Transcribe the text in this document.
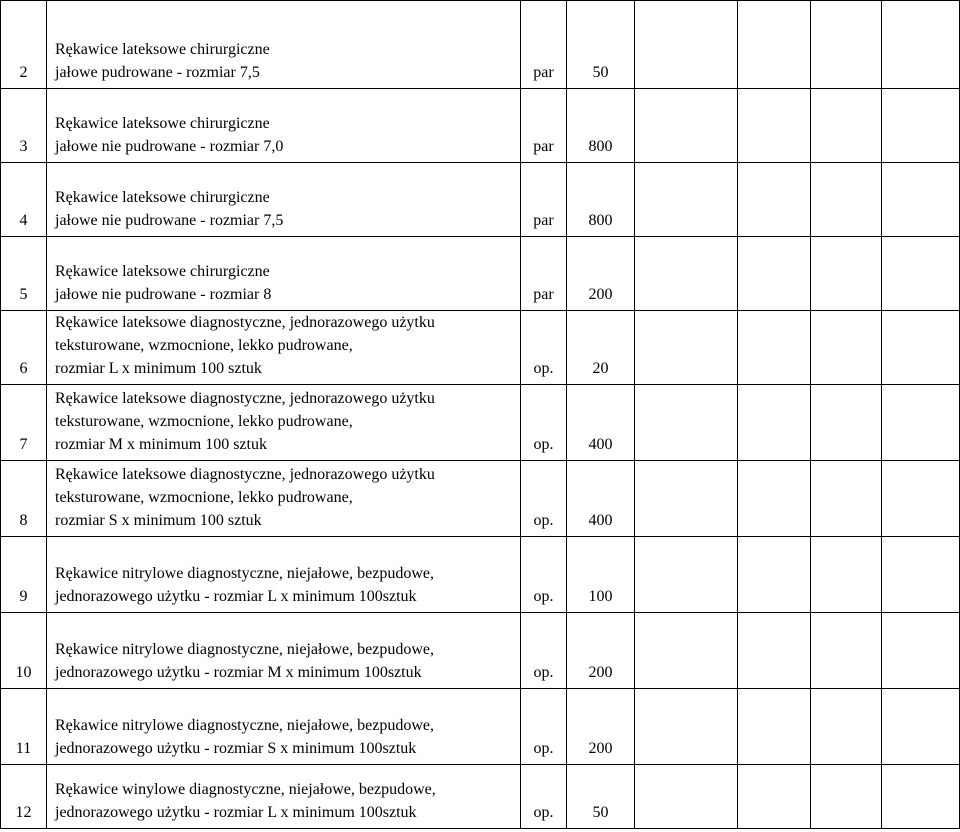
2	Rękawice lateksowe chirurgiczne
jałowe pudrowane - rozmiar 7,5	par	50				
3	Rękawice lateksowe chirurgiczne
jałowe nie pudrowane - rozmiar 7,0	par	800				
4	Rękawice lateksowe chirurgiczne
jałowe nie pudrowane - rozmiar 7,5	par	800				
5	Rękawice lateksowe chirurgiczne
jałowe nie pudrowane - rozmiar 8	par	200				
6	Rękawice lateksowe diagnostyczne, jednorazowego użytku
teksturowane, wzmocnione, lekko pudrowane,
rozmiar L x minimum 100 sztuk	op.	20				
7	Rękawice lateksowe diagnostyczne, jednorazowego użytku
teksturowane, wzmocnione, lekko pudrowane,
rozmiar M x minimum 100 sztuk	op.	400				
8	Rękawice lateksowe diagnostyczne, jednorazowego użytku
teksturowane, wzmocnione, lekko pudrowane,
rozmiar S x minimum 100 sztuk	op.	400				
9	Rękawice nitrylowe diagnostyczne, niejałowe, bezpudowe,
jednorazowego użytku - rozmiar L x minimum 100sztuk	op.	100				
10	Rękawice nitrylowe diagnostyczne, niejałowe, bezpudowe,
jednorazowego użytku - rozmiar M x minimum 100sztuk	op.	200				
11	Rękawice nitrylowe diagnostyczne, niejałowe, bezpudowe,
jednorazowego użytku - rozmiar S x minimum 100sztuk	op.	200				
12	Rękawice winylowe diagnostyczne, niejałowe, bezpudowe,
jednorazowego użytku - rozmiar L x minimum 100sztuk	op.	50				
